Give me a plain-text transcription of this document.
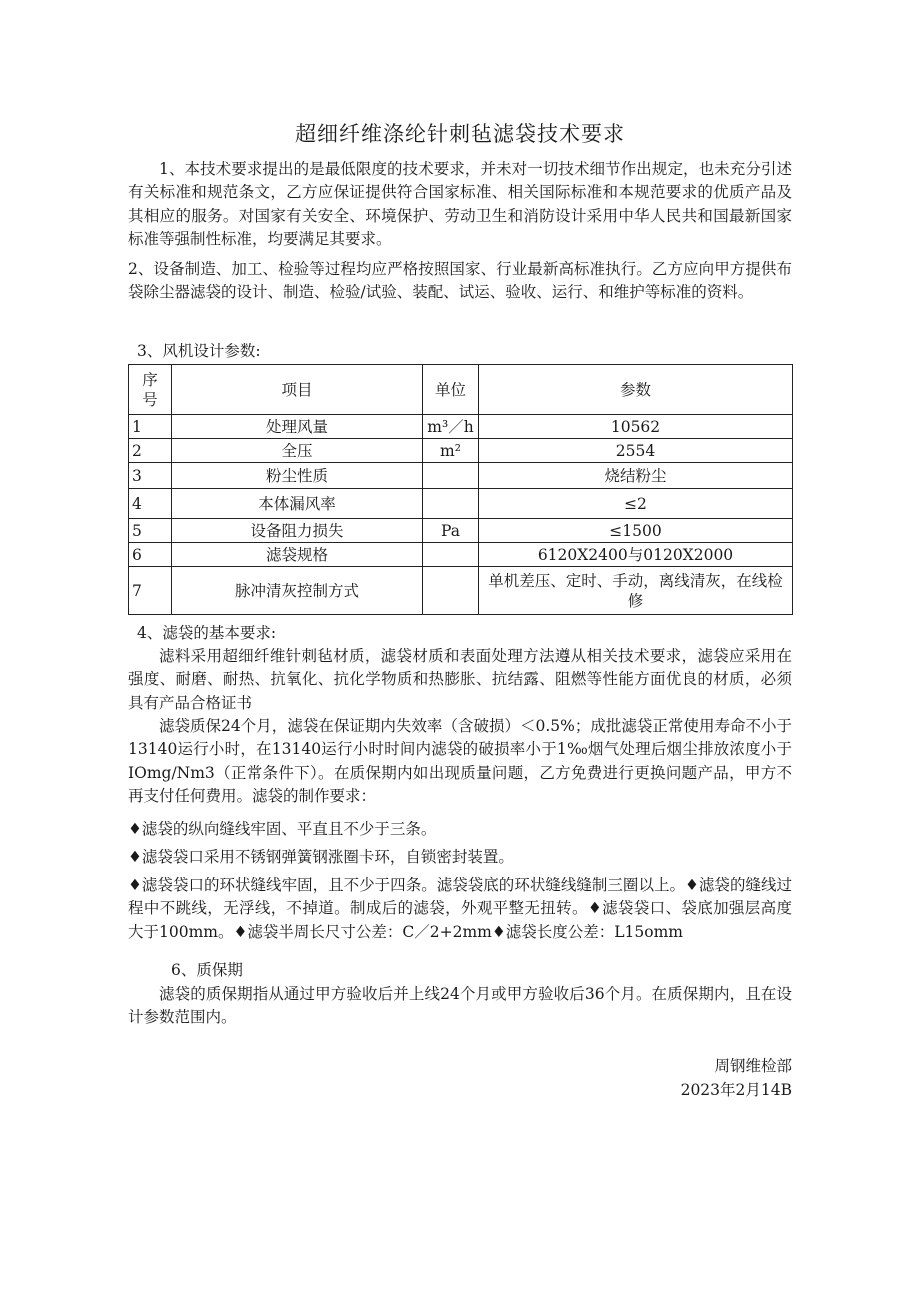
超细纤维涤纶针刺毡滤袋技术要求
1、本技术要求提出的是最低限度的技术要求，并未对一切技术细节作出规定，也未充分引述有关标准和规范条文，乙方应保证提供符合国家标准、相关国际标准和本规范要求的优质产品及其相应的服务。对国家有关安全、环境保护、劳动卫生和消防设计采用中华人民共和国最新国家标准等强制性标准，均要满足其要求。
2、设备制造、加工、检验等过程均应严格按照国家、行业最新高标准执行。乙方应向甲方提供布袋除尘器滤袋的设计、制造、检验/试验、装配、试运、验收、运行、和维护等标准的资料。
3、风机设计参数:
序号	项目	单位	参数
1	处理风量	m³／h	10562
2	全压	m²	2554
3	粉尘性质		烧结粉尘
4	本体漏风率		≤2
5	设备阻力损失	Pa	≤1500
6	滤袋规格		6120X2400与0120X2000
7	脉冲清灰控制方式		单机差压、定时、手动，离线清灰，在线检修
4、滤袋的基本要求:
滤料采用超细纤维针刺毡材质，滤袋材质和表面处理方法遵从相关技术要求，滤袋应采用在强度、耐磨、耐热、抗氧化、抗化学物质和热膨胀、抗结露、阻燃等性能方面优良的材质，必须具有产品合格证书
滤袋质保24个月，滤袋在保证期内失效率（含破损）＜0.5%；成批滤袋正常使用寿命不小于13140运行小时，在13140运行小时时间内滤袋的破损率小于1‰烟气处理后烟尘排放浓度小于IOmg/Nm3（正常条件下）。在质保期内如出现质量问题，乙方免费进行更换问题产品，甲方不再支付任何费用。滤袋的制作要求：
♦滤袋的纵向缝线牢固、平直且不少于三条。
♦滤袋袋口采用不锈钢弹簧钢涨圈卡环，自锁密封装置。
♦滤袋袋口的环状缝线牢固，且不少于四条。滤袋袋底的环状缝线缝制三圈以上。♦滤袋的缝线过程中不跳线，无浮线，不掉道。制成后的滤袋，外观平整无扭转。♦滤袋袋口、袋底加强层高度大于100mm。♦滤袋半周长尺寸公差：C／2+2mm♦滤袋长度公差：L15omm
6、质保期
滤袋的质保期指从通过甲方验收后并上线24个月或甲方验收后36个月。在质保期内，且在设计参数范围内。
周钢维检部
2023年2月14B
